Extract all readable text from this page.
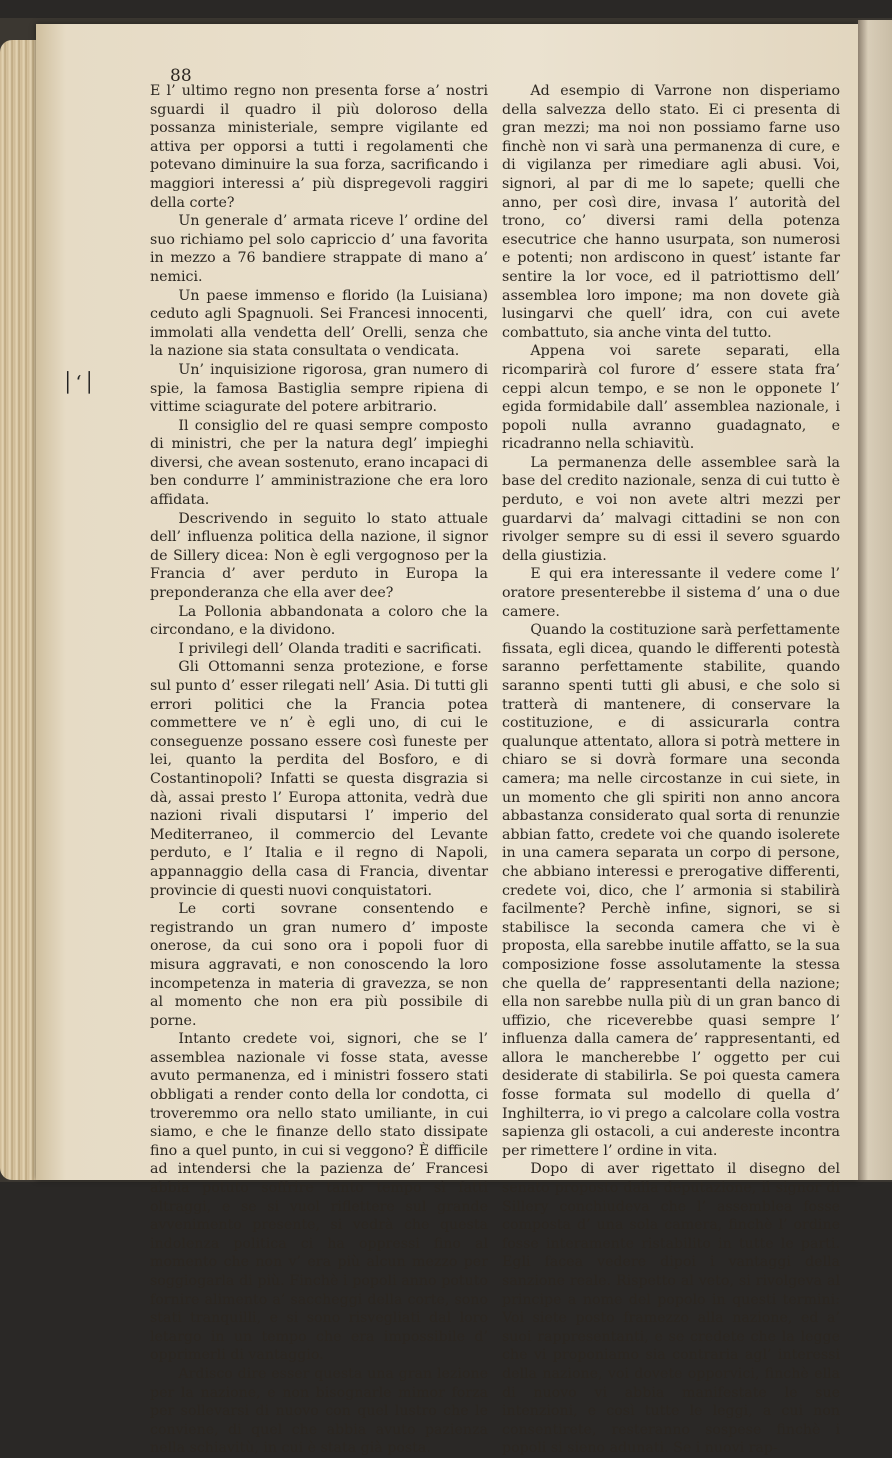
88
│ʻ│

E l’ ultimo regno non presenta forse a’ nostri sguardi il quadro il più doloroso della possanza ministeriale, sempre vigilante ed attiva per opporsi a tutti i regolamenti che potevano diminuire la sua forza, sacrificando i maggiori interessi a’ più dispregevoli raggiri della corte?

Un generale d’ armata riceve l’ ordine del suo richiamo pel solo capriccio d’ una favorita in mezzo a 76 bandiere strappate di mano a’ nemici.

Un paese immenso e florido (la Luisiana) ceduto agli Spagnuoli. Sei Francesi innocenti, immolati alla vendetta dell’ Orelli, senza che la nazione sia stata consultata o vendicata.

Un’ inquisizione rigorosa, gran numero di spie, la famosa Bastiglia sempre ripiena di vittime sciagurate del potere arbitrario.

Il consiglio del re quasi sempre composto di ministri, che per la natura degl’ impieghi diversi, che avean sostenuto, erano incapaci di ben condurre l’ amministrazione che era loro affidata.

Descrivendo in seguito lo stato attuale dell’ influenza politica della nazione, il signor de Sillery dicea: Non è egli vergognoso per la Francia d’ aver perduto in Europa la preponderanza che ella aver dee?

La Pollonia abbandonata a coloro che la circondano, e la dividono.

I privilegi dell’ Olanda traditi e sacrificati.

Gli Ottomanni senza protezione, e forse sul punto d’ esser rilegati nell’ Asia. Di tutti gli errori politici che la Francia potea commettere ve n’ è egli uno, di cui le conseguenze possano essere così funeste per lei, quanto la perdita del Bosforo, e di Costantinopoli? Infatti se questa disgrazia si dà, assai presto l’ Europa attonita, vedrà due nazioni rivali disputarsi l’ imperio del Mediterraneo, il commercio del Levante perduto, e l’ Italia e il regno di Napoli, appannaggio della casa di Francia, diventar provincie di questi nuovi conquistatori.

Le corti sovrane consentendo e registrando un gran numero d’ imposte onerose, da cui sono ora i popoli fuor di misura aggravati, e non conoscendo la loro incompetenza in materia di gravezza, se non al momento che non era più possibile di porne.

Intanto credete voi, signori, che se l’ assemblea nazionale vi fosse stata, avesse avuto permanenza, ed i ministri fossero stati obbligati a render conto della lor condotta, ci troveremmo ora nello stato umiliante, in cui siamo, e che le finanze dello stato dissipate fino a quel punto, in cui si veggono? È difficile ad intendersi che la pazienza de’ Francesi abbia potuto soffrire tanto tempo sì fatti oltraggi, e se si vuol riflettere sul grande avvenimento presente, si vedrà che questa indolenza politica ci ha oppressi fino al momento che non v’ era più alcun mezzo per soggiogarla di più. Finchè i popoli anno potuto fornire alimento a’ saccheggi della corte, sono stati tranquilli, e si sono risvegliati dal loro letargo in un tempo che era impossibile d’ opprimerli di vantaggio.

Ardisco dire esser questa una gran lezione per la nazione, e non bisognarle mimor forza per sollevarsi di nuovo con quel lustro che le conviene, di quel che abbia avuto pazienza nella schiavitù, in cui è stata già posta.

Ad esempio di Varrone non disperiamo della salvezza dello stato. Ei ci presenta di gran mezzi; ma noi non possiamo farne uso finchè non vi sarà una permanenza di cure, e di vigilanza per rimediare agli abusi. Voi, signori, al par di me lo sapete; quelli che anno, per così dire, invasa l’ autorità del trono, co’ diversi rami della potenza esecutrice che hanno usurpata, son numerosi e potenti; non ardiscono in quest’ istante far sentire la lor voce, ed il patriottismo dell’ assemblea loro impone; ma non dovete già lusingarvi che quell’ idra, con cui avete combattuto, sia anche vinta del tutto.

Appena voi sarete separati, ella ricomparirà col furore d’ essere stata fra’ ceppi alcun tempo, e se non le opponete l’ egida formidabile dall’ assemblea nazionale, i popoli nulla avranno guadagnato, e ricadranno nella schiavitù.

La permanenza delle assemblee sarà la base del credito nazionale, senza di cui tutto è perduto, e voi non avete altri mezzi per guardarvi da’ malvagi cittadini se non con rivolger sempre su di essi il severo sguardo della giustizia.

E qui era interessante il vedere come l’ oratore presenterebbe il sistema d’ una o due camere.

Quando la costituzione sarà perfettamente fissata, egli dicea, quando le differenti potestà saranno perfettamente stabilite, quando saranno spenti tutti gli abusi, e che solo si tratterà di mantenere, di conservare la costituzione, e di assicurarla contra qualunque attentato, allora si potrà mettere in chiaro se si dovrà formare una seconda camera; ma nelle circostanze in cui siete, in un momento che gli spiriti non anno ancora abbastanza considerato qual sorta di renunzie abbian fatto, credete voi che quando isolerete in una camera separata un corpo di persone, che abbiano interessi e prerogative differenti, credete voi, dico, che l’ armonia si stabilirà facilmente? Perchè infine, signori, se si stabilisce la seconda camera che vi è proposta, ella sarebbe inutile affatto, se la sua composizione fosse assolutamente la stessa che quella de’ rappresentanti della nazione; ella non sarebbe nulla più di un gran banco di uffizio, che riceverebbe quasi sempre l’ influenza dalla camera de’ rappresentanti, ed allora le mancherebbe l’ oggetto per cui desiderate di stabilirla. Se poi questa camera fosse formata sul modello di quella d’ Inghilterra, io vi prego a calcolare colla vostra sapienza gli ostacoli, a cui andereste incontra per rimettere l’ ordine in vita.

Dopo di aver rigettato il disegno del senato proposto dalla deputazione, il signor di Sillery conchiudeva che l’ assemblea fosse composta d’ una sola camera, finchè l’ ordine fosse interamente ristabilito in tutte le parti. Egli facea vedere dipoi i vantaggi della sanzione reale. Rispetto al veto, si rivolgeva al principe a nome del popolo in questi termini: Voi siete posto framezzo alla nazione, ed a’ suoi rappresentanti, e se credete che la legge che vi proponiamo sia contraria agl’ interessi della nazione, voi dovete opporvici, finchè ella di nuovo vi abbia manifestate le sue intenzioni, e così tutte le leggi, a cui non consentirete, resteranno sospese finchè i popoli si sieno adunati. Se i nuovi rap-
